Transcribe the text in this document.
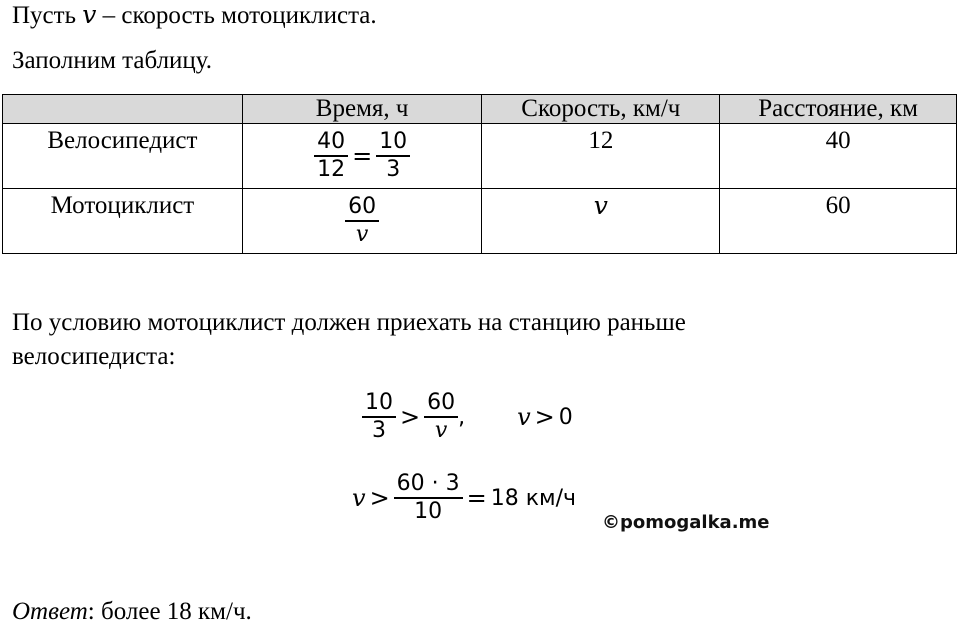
Пусть v – скорость мотоциклиста.
Заполним таблицу.
	Время, ч	Скорость, км/ч	Расстояние, км
Велосипедист	$\frac{40}{12} = \frac{10}{3}$	12	40
Мотоциклист	$\frac{60}{v}$	v	60
По условию мотоциклист должен приехать на станцию раньше
велосипедиста:
$\frac{10}{3} > \frac{60}{v}$ , v > 0
$v > \frac{60 \cdot 3}{10} = 18$ км/ч
©pomogalka.me
Ответ: более 18 км/ч.
